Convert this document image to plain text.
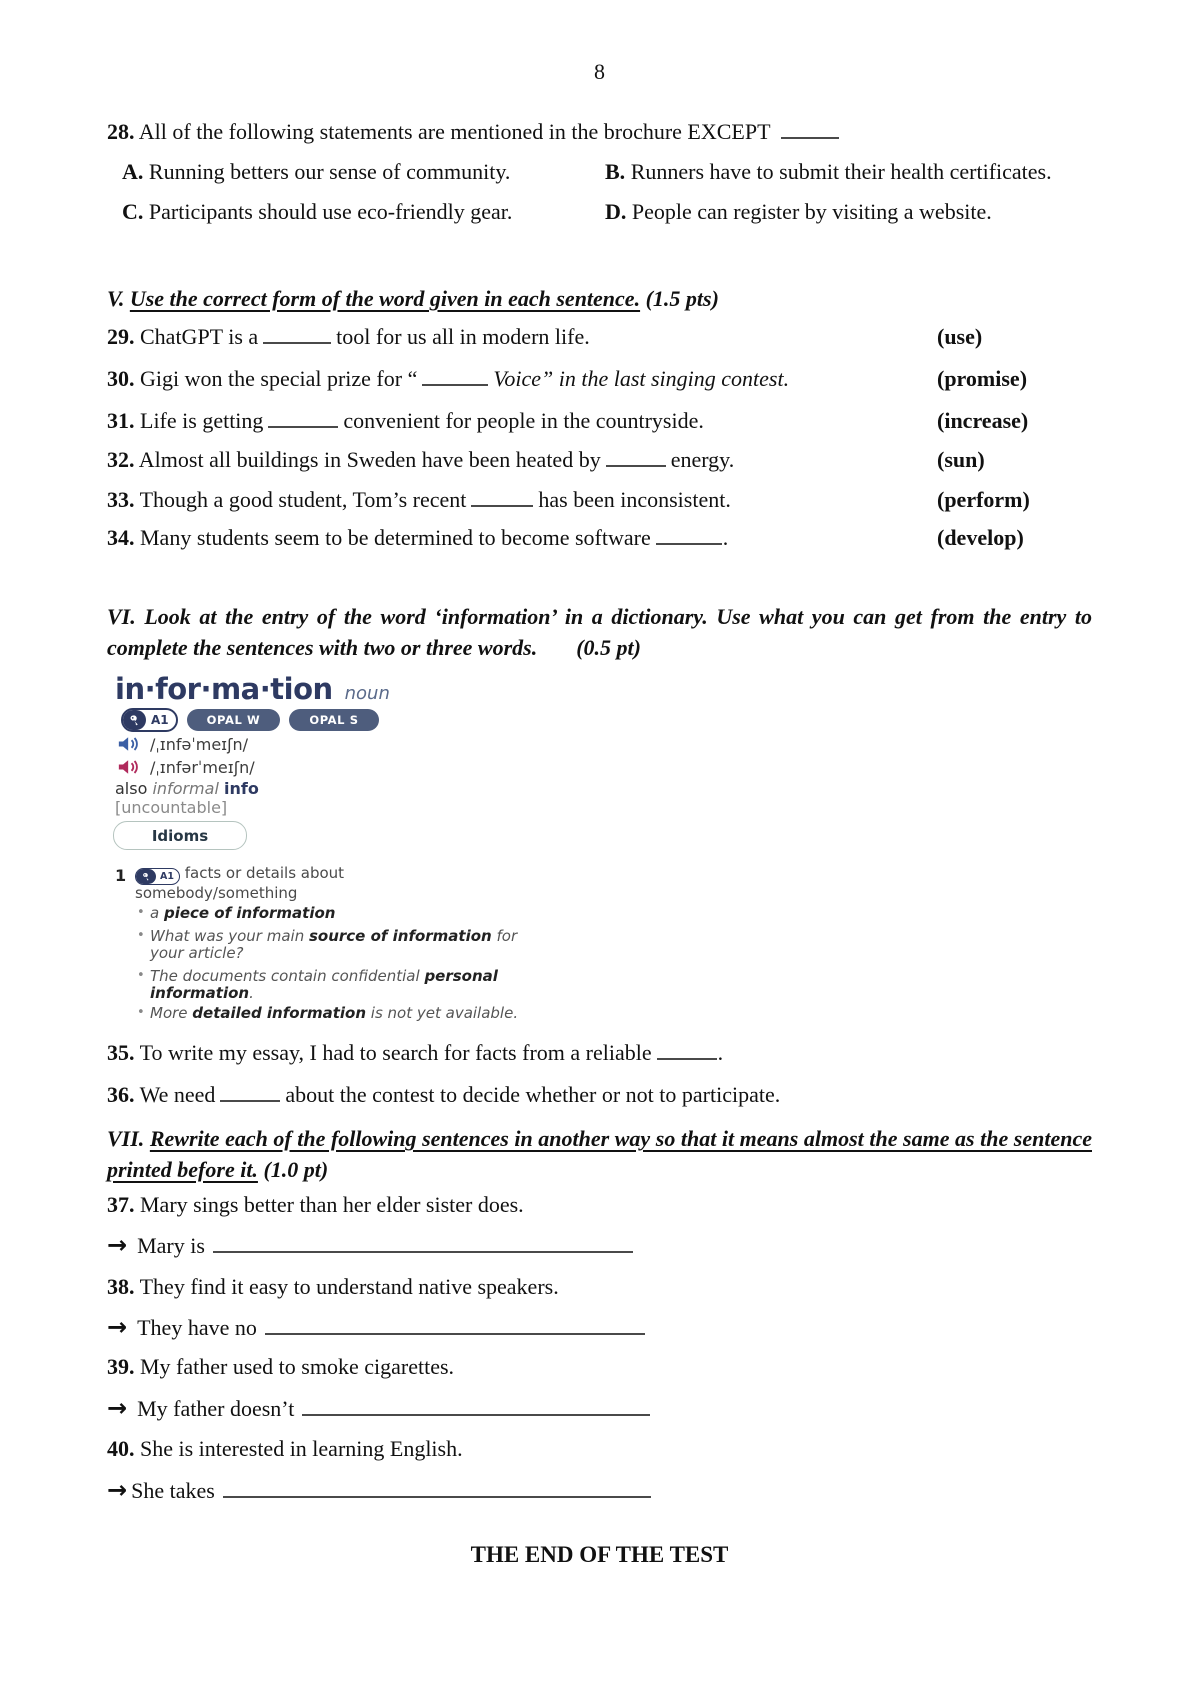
8
28. All of the following statements are mentioned in the brochure EXCEPT
A. Running betters our sense of community.	B. Runners have to submit their health certificates.
C. Participants should use eco-friendly gear.	D. People can register by visiting a website.
V. Use the correct form of the word given in each sentence. (1.5 pts)
29. ChatGPT is a	tool for us all in modern life.	(use)
30. Gigi won the special prize for “	Voice” in the last singing contest.	(promise)
31. Life is getting	convenient for people in the countryside.	(increase)
32. Almost all buildings in Sweden have been heated by	energy.	(sun)
33. Though a good student, Tom’s recent	has been inconsistent.	(perform)
34. Many students seem to be determined to become software	.	(develop)
VI. Look at the entry of the word ‘information’ in a dictionary. Use what you can get from the entry to complete the sentences with two or three words. (0.5 pt)
in·for·ma·tion noun
A1	OPAL W	OPAL S
/ˌɪnfəˈmeɪʃn/
/ˌɪnfərˈmeɪʃn/
also informal info
[uncountable]
Idioms
1	A1 facts or details about
somebody/something
• a piece of information
• What was your main source of information for
your article?
• The documents contain confidential personal
information.
• More detailed information is not yet available.
35. To write my essay, I had to search for facts from a reliable	.
36. We need	about the contest to decide whether or not to participate.
VII. Rewrite each of the following sentences in another way so that it means almost the same as the sentence printed before it. (1.0 pt)
37. Mary sings better than her elder sister does.
→ Mary is
38. They find it easy to understand native speakers.
→ They have no
39. My father used to smoke cigarettes.
→ My father doesn’t
40. She is interested in learning English.
→ She takes
THE END OF THE TEST
